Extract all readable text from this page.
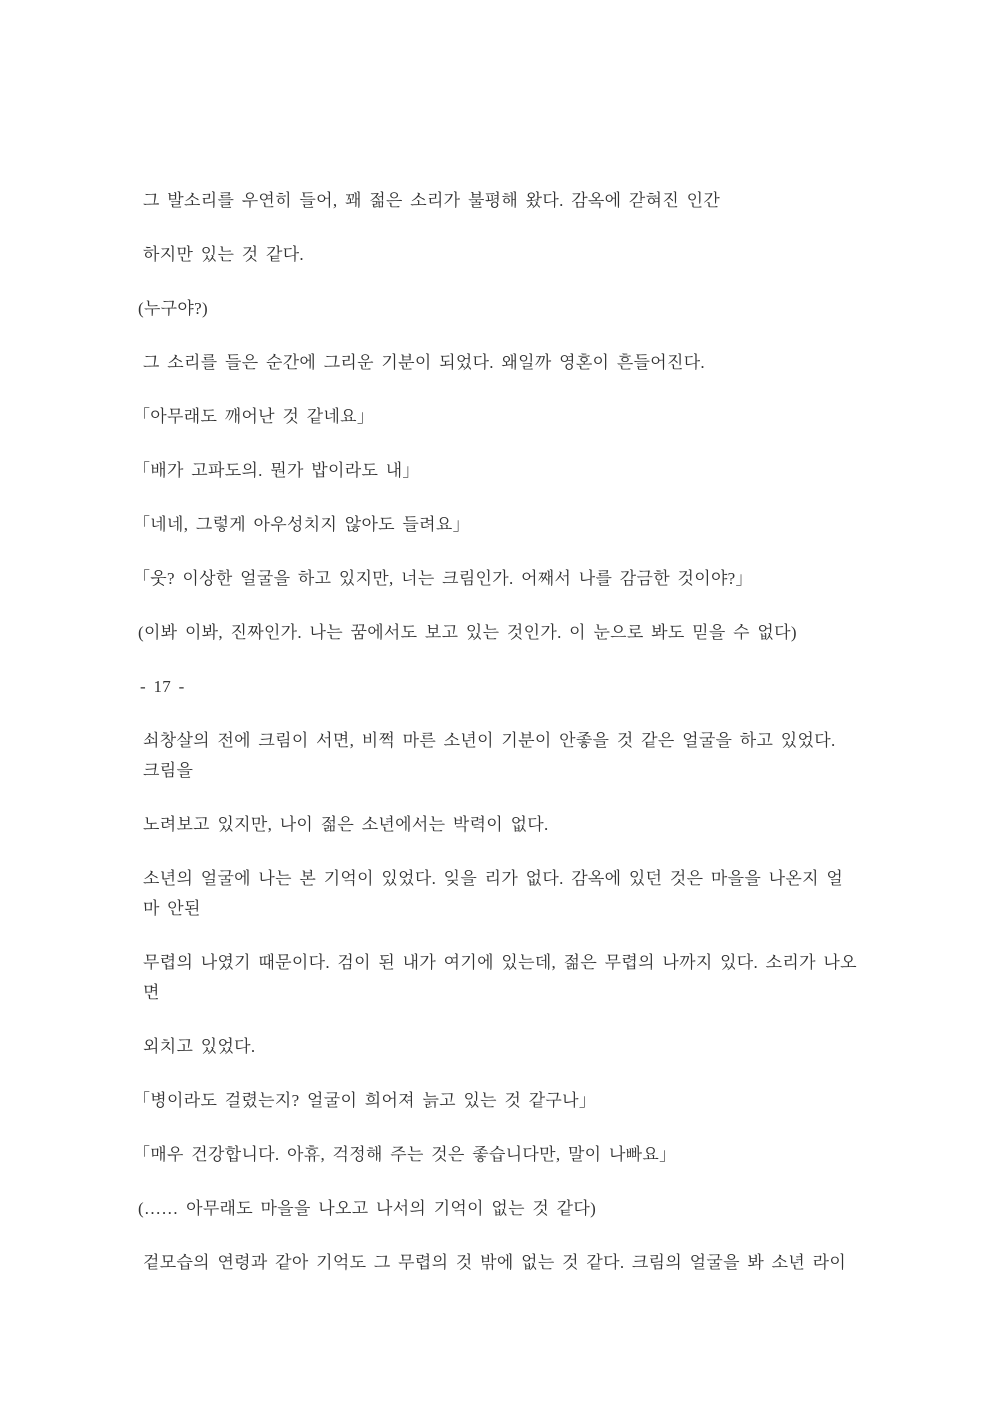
그 발소리를 우연히 들어, 꽤 젊은 소리가 불평해 왔다. 감옥에 갇혀진 인간
하지만 있는 것 같다.
(누구야?)
그 소리를 들은 순간에 그리운 기분이 되었다. 왜일까 영혼이 흔들어진다.
「아무래도 깨어난 것 같네요」
「배가 고파도의. 뭔가 밥이라도 내」
「네네, 그렇게 아우성치지 않아도 들려요」
「웃? 이상한 얼굴을 하고 있지만, 너는 크림인가. 어째서 나를 감금한 것이야?」
(이봐 이봐, 진짜인가. 나는 꿈에서도 보고 있는 것인가. 이 눈으로 봐도 믿을 수 없다)
- 17 -
쇠창살의 전에 크림이 서면, 비쩍 마른 소년이 기분이 안좋을 것 같은 얼굴을 하고 있었다.
크림을
노려보고 있지만, 나이 젊은 소년에서는 박력이 없다.
소년의 얼굴에 나는 본 기억이 있었다. 잊을 리가 없다. 감옥에 있던 것은 마을을 나온지 얼
마 안된
무렵의 나였기 때문이다. 검이 된 내가 여기에 있는데, 젊은 무렵의 나까지 있다. 소리가 나오
면
외치고 있었다.
「병이라도 걸렸는지? 얼굴이 희어져 늙고 있는 것 같구나」
「매우 건강합니다. 아휴, 걱정해 주는 것은 좋습니다만, 말이 나빠요」
(…… 아무래도 마을을 나오고 나서의 기억이 없는 것 같다)
겉모습의 연령과 같아 기억도 그 무렵의 것 밖에 없는 것 같다. 크림의 얼굴을 봐 소년 라이
